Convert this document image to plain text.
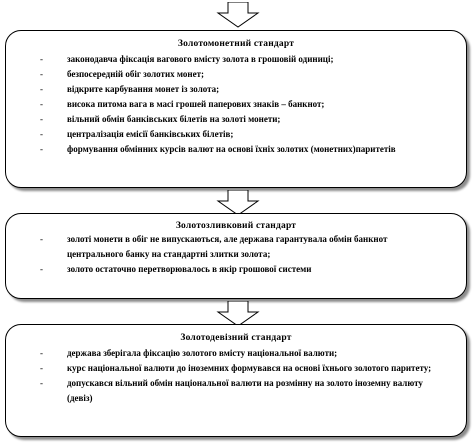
Золотомонетний стандарт
-	законодавча фіксація вагового вмісту золота в грошовій одиниці;
-	безпосередній обіг золотих монет;
-	відкрите карбування монет із золота;
-	висока питома вага в масі грошей паперових знаків – банкнот;
-	вільний обмін банківських білетів на золоті монети;
-	централізація емісії банківських білетів;
-	формування обмінних курсів валют на основі їхніх золотих (монетних)паритетів
Золотозливковий стандарт
-	золоті монети в обіг не випускаються, але держава гарантувала обмін банкнот центрального банку на стандартні злитки золота;
-	золото остаточно перетворювалось в якір грошової системи
Золотодевізний стандарт
-	держава зберігала фіксацію золотого вмісту національної валюти;
-	курс національної валюти до іноземних формувався на основі їхнього золотого паритету;
-	допускався вільний обмін національної валюти на розмінну на золото іноземну валюту (девіз)
